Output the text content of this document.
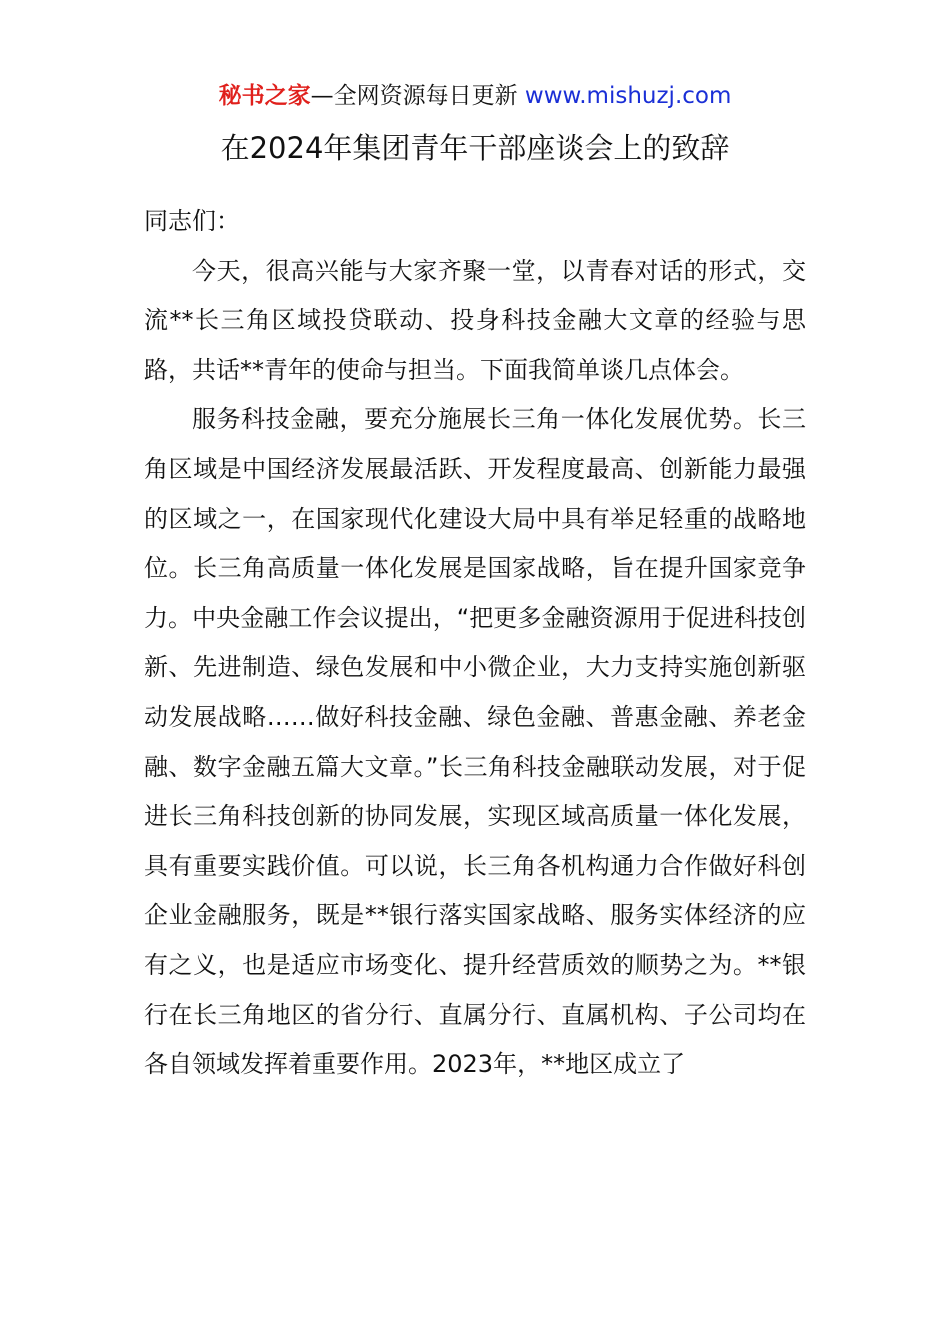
秘书之家—全网资源每日更新 www.mishuzj.com
在2024年集团青年干部座谈会上的致辞

同志们：

今天，很高兴能与大家齐聚一堂，以青春对话的形式，交流**长三角区域投贷联动、投身科技金融大文章的经验与思路，共话**青年的使命与担当。下面我简单谈几点体会。

服务科技金融，要充分施展长三角一体化发展优势。长三角区域是中国经济发展最活跃、开发程度最高、创新能力最强的区域之一，在国家现代化建设大局中具有举足轻重的战略地位。长三角高质量一体化发展是国家战略，旨在提升国家竞争力。中央金融工作会议提出，“把更多金融资源用于促进科技创新、先进制造、绿色发展和中小微企业，大力支持实施创新驱动发展战略……做好科技金融、绿色金融、普惠金融、养老金融、数字金融五篇大文章。”长三角科技金融联动发展，对于促进长三角科技创新的协同发展，实现区域高质量一体化发展，具有重要实践价值。可以说，长三角各机构通力合作做好科创企业金融服务，既是**银行落实国家战略、服务实体经济的应有之义，也是适应市场变化、提升经营质效的顺势之为。**银行在长三角地区的省分行、直属分行、直属机构、子公司均在各自领域发挥着重要作用。2023年，**地区成立了
